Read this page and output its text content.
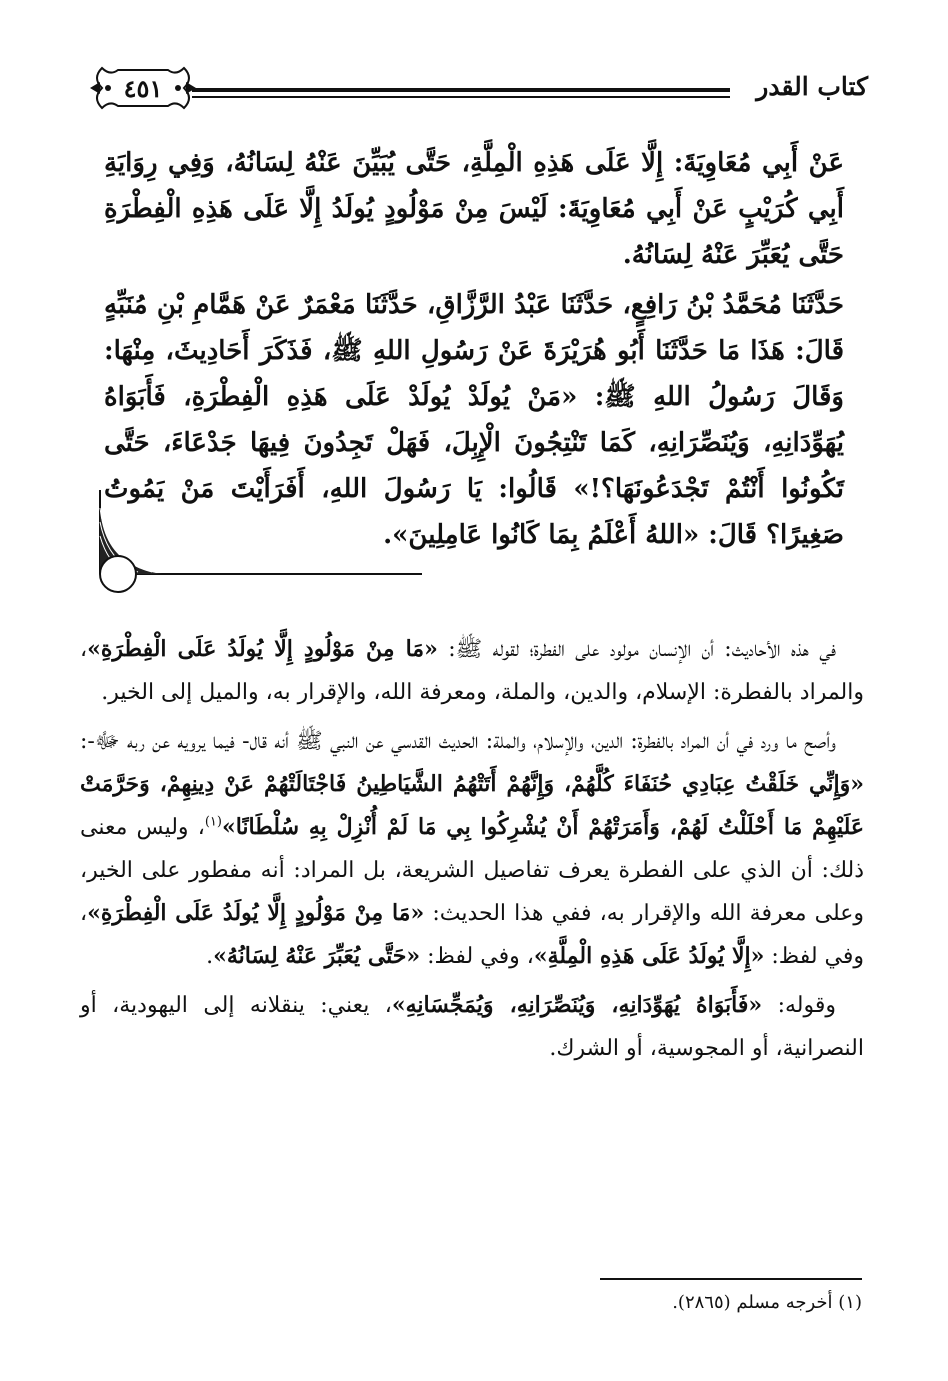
٤٥١	كتاب القدر

عَنْ أَبِي مُعَاوِيَةَ: إِلَّا عَلَى هَذِهِ الْمِلَّةِ، حَتَّى يُبَيِّنَ عَنْهُ لِسَانُهُ، وَفِي رِوَايَةِ أَبِي كُرَيْبٍ عَنْ أَبِي مُعَاوِيَةَ: لَيْسَ مِنْ مَوْلُودٍ يُولَدُ إِلَّا عَلَى هَذِهِ الْفِطْرَةِ حَتَّى يُعَبِّرَ عَنْهُ لِسَانُهُ.

حَدَّثَنَا مُحَمَّدُ بْنُ رَافِعٍ، حَدَّثَنَا عَبْدُ الرَّزَّاقِ، حَدَّثَنَا مَعْمَرٌ عَنْ هَمَّامِ بْنِ مُنَبِّهٍ قَالَ: هَذَا مَا حَدَّثَنَا أَبُو هُرَيْرَةَ عَنْ رَسُولِ اللهِ ﷺ، فَذَكَرَ أَحَادِيثَ، مِنْهَا: وَقَالَ رَسُولُ اللهِ ﷺ: «مَنْ يُولَدْ يُولَدْ عَلَى هَذِهِ الْفِطْرَةِ، فَأَبَوَاهُ يُهَوِّدَانِهِ، وَيُنَصِّرَانِهِ، كَمَا تَنْتِجُونَ الْإِبِلَ، فَهَلْ تَجِدُونَ فِيهَا جَدْعَاءَ، حَتَّى تَكُونُوا أَنْتُمْ تَجْدَعُونَهَا؟!» قَالُوا: يَا رَسُولَ اللهِ، أَفَرَأَيْتَ مَنْ يَمُوتُ صَغِيرًا؟ قَالَ: «اللهُ أَعْلَمُ بِمَا كَانُوا عَامِلِينَ».

في هذه الأحاديث: أن الإنسان مولود على الفطرة؛ لقوله ﷺ: «مَا مِنْ مَوْلُودٍ إِلَّا يُولَدُ عَلَى الْفِطْرَةِ»، والمراد بالفطرة: الإسلام، والدين، والملة، ومعرفة الله، والإقرار به، والميل إلى الخير.

وأصح ما ورد في أن المراد بالفطرة: الدين، والإسلام، والملة: الحديث القدسي عن النبي ﷺ أنه قال- فيما يرويه عن ربه ﷻ-: «وَإِنِّي خَلَقْتُ عِبَادِي حُنَفَاءَ كُلَّهُمْ، وَإِنَّهُمْ أَتَتْهُمُ الشَّيَاطِينُ فَاجْتَالَتْهُمْ عَنْ دِينِهِمْ، وَحَرَّمَتْ عَلَيْهِمْ مَا أَحْلَلْتُ لَهُمْ، وَأَمَرَتْهُمْ أَنْ يُشْرِكُوا بِي مَا لَمْ أُنْزِلْ بِهِ سُلْطَانًا»$^{(١)}$، وليس معنى ذلك: أن الذي على الفطرة يعرف تفاصيل الشريعة، بل المراد: أنه مفطور على الخير، وعلى معرفة الله والإقرار به، ففي هذا الحديث: «مَا مِنْ مَوْلُودٍ إِلَّا يُولَدُ عَلَى الْفِطْرَةِ»، وفي لفظ: «إِلَّا يُولَدُ عَلَى هَذِهِ الْمِلَّةِ»، وفي لفظ: «حَتَّى يُعَبِّرَ عَنْهُ لِسَانُهُ».

وقوله: «فَأَبَوَاهُ يُهَوِّدَانِهِ، وَيُنَصِّرَانِهِ، وَيُمَجِّسَانِهِ»، يعني: ينقلانه إلى اليهودية، أو النصرانية، أو المجوسية، أو الشرك.

(١) أخرجه مسلم (٢٨٦٥).
